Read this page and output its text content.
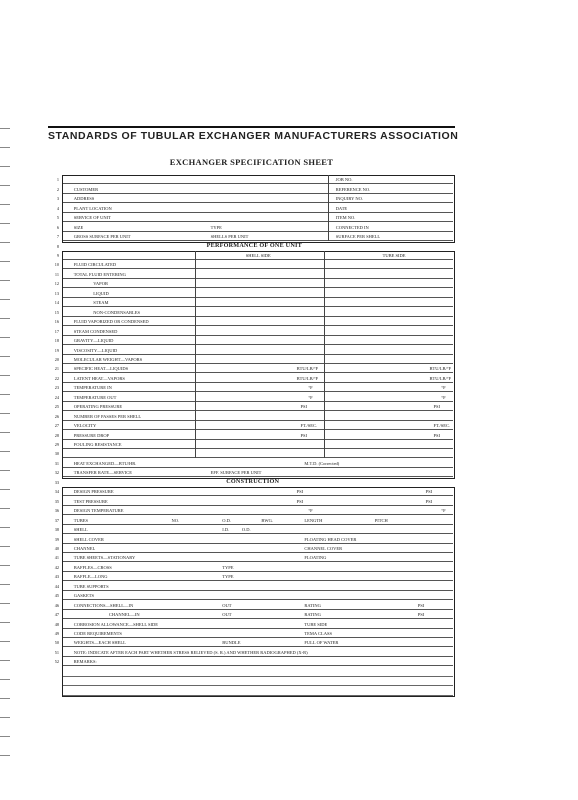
STANDARDS OF TUBULAR EXCHANGER MANUFACTURERS ASSOCIATION
EXCHANGER SPECIFICATION SHEET
1	JOB NO.
2	CUSTOMER	REFERENCE NO.
3	ADDRESS	INQUIRY NO.
4	PLANT LOCATION	DATE
5	SERVICE OF UNIT	ITEM NO.
6	SIZE	TYPE	CONNECTED IN
7	GROSS SURFACE PER UNIT	SHELLS PER UNIT	SURFACE PER SHELL
8	PERFORMANCE OF ONE UNIT
9	SHELL SIDE	TUBE SIDE
10	FLUID CIRCULATED
11	TOTAL FLUID ENTERING
12	VAPOR
13	LIQUID
14	STEAM
15	NON-CONDENSABLES
16	FLUID VAPORIZED OR CONDENSED
17	STEAM CONDENSED
18	GRAVITY—LIQUID
19	VISCOSITY—LIQUID
20	MOLECULAR WEIGHT—VAPORS
21	SPECIFIC HEAT—LIQUIDS	BTU/LB/°F	BTU/LB/°F
22	LATENT HEAT—VAPORS	BTU/LB/°F	BTU/LB/°F
23	TEMPERATURE IN	°F	°F
24	TEMPERATURE OUT	°F	°F
25	OPERATING PRESSURE	PSI	PSI
26	NUMBER OF PASSES PER SHELL
27	VELOCITY	FT./SEC.	FT./SEC.
28	PRESSURE DROP	PSI	PSI
29	FOULING RESISTANCE
30
31	HEAT EXCHANGED—BTU/HR.	M.T.D. (Corrected)
32	TRANSFER RATE—SERVICE	EFF. SURFACE PER UNIT
33	CONSTRUCTION
34	DESIGN PRESSURE	PSI	PSI
35	TEST PRESSURE	PSI	PSI
36	DESIGN TEMPERATURE	°F	°F
37	TUBES	NO.	O.D.	BWG.	LENGTH	PITCH
38	SHELL	I.D.	O.D.
39	SHELL COVER	FLOATING HEAD COVER
40	CHANNEL	CHANNEL COVER
41	TUBE SHEETS—STATIONARY	FLOATING
42	BAFFLES—CROSS	TYPE
43	BAFFLE—LONG	TYPE
44	TUBE SUPPORTS
45	GASKETS
46	CONNECTIONS—SHELL—IN	OUT	RATING	PSI
47	CHANNEL—IN	OUT	RATING	PSI
48	CORROSION ALLOWANCE—SHELL SIDE	TUBE SIDE
49	CODE REQUIREMENTS	TEMA CLASS
50	WEIGHTS—EACH SHELL	BUNDLE	FULL OF WATER
51	NOTE: INDICATE AFTER EACH PART WHETHER STRESS RELIEVED (S. R.) AND WHETHER RADIOGRAPHED (X-R)
52	REMARKS:
